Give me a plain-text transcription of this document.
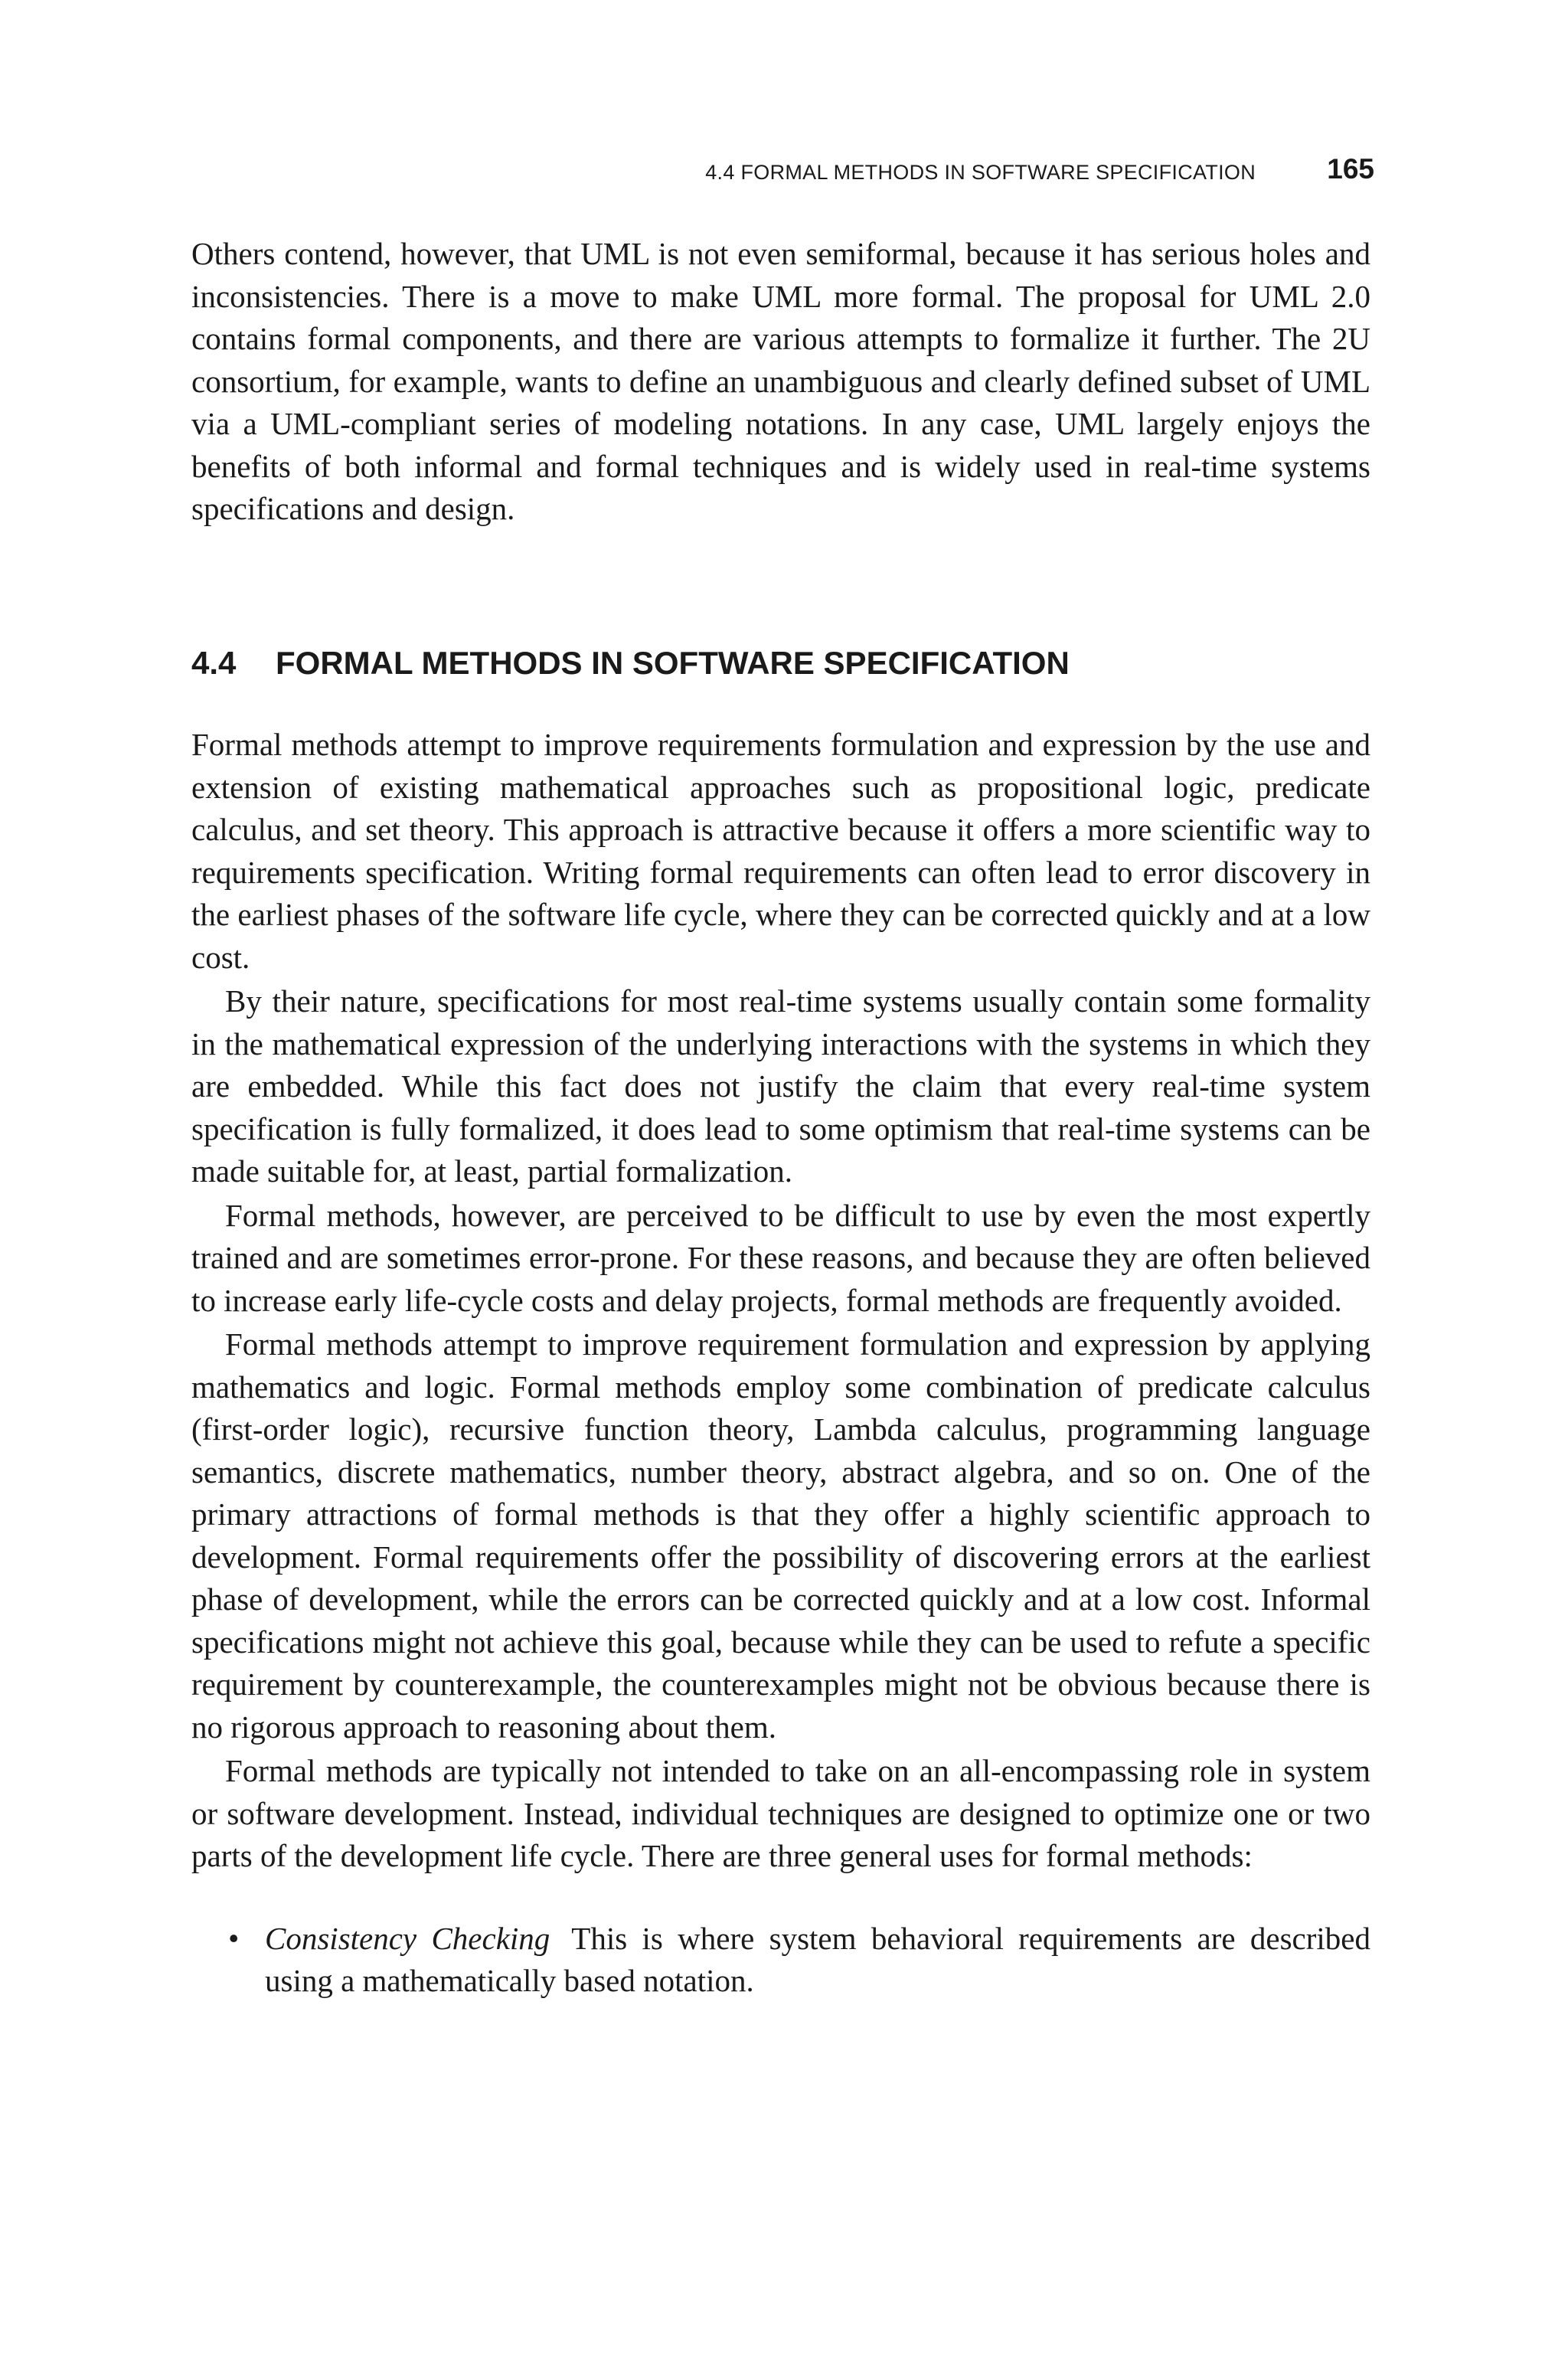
4.4 FORMAL METHODS IN SOFTWARE SPECIFICATION	165

Others contend, however, that UML is not even semiformal, because it has serious holes and inconsistencies. There is a move to make UML more formal. The proposal for UML 2.0 contains formal components, and there are various attempts to formalize it further. The 2U consortium, for example, wants to define an unambiguous and clearly defined subset of UML via a UML-compliant series of modeling notations. In any case, UML largely enjoys the benefits of both informal and formal techniques and is widely used in real-time systems specifications and design.

4.4 FORMAL METHODS IN SOFTWARE SPECIFICATION

Formal methods attempt to improve requirements formulation and expression by the use and extension of existing mathematical approaches such as propositional logic, predicate calculus, and set theory. This approach is attractive because it offers a more scientific way to requirements specification. Writing formal requirements can often lead to error discovery in the earliest phases of the software life cycle, where they can be corrected quickly and at a low cost.

By their nature, specifications for most real-time systems usually contain some formality in the mathematical expression of the underlying interactions with the systems in which they are embedded. While this fact does not justify the claim that every real-time system specification is fully formalized, it does lead to some optimism that real-time systems can be made suitable for, at least, partial formalization.

Formal methods, however, are perceived to be difficult to use by even the most expertly trained and are sometimes error-prone. For these reasons, and because they are often believed to increase early life-cycle costs and delay projects, formal methods are frequently avoided.

Formal methods attempt to improve requirement formulation and expression by applying mathematics and logic. Formal methods employ some combination of predicate calculus (first-order logic), recursive function theory, Lambda calculus, programming language semantics, discrete mathematics, number theory, abstract algebra, and so on. One of the primary attractions of formal methods is that they offer a highly scientific approach to development. Formal requirements offer the possibility of discovering errors at the earliest phase of development, while the errors can be corrected quickly and at a low cost. Informal specifications might not achieve this goal, because while they can be used to refute a specific requirement by counterexample, the counterexamples might not be obvious because there is no rigorous approach to reasoning about them.

Formal methods are typically not intended to take on an all-encompassing role in system or software development. Instead, individual techniques are designed to optimize one or two parts of the development life cycle. There are three general uses for formal methods:

• Consistency Checking This is where system behavioral requirements are described using a mathematically based notation.
